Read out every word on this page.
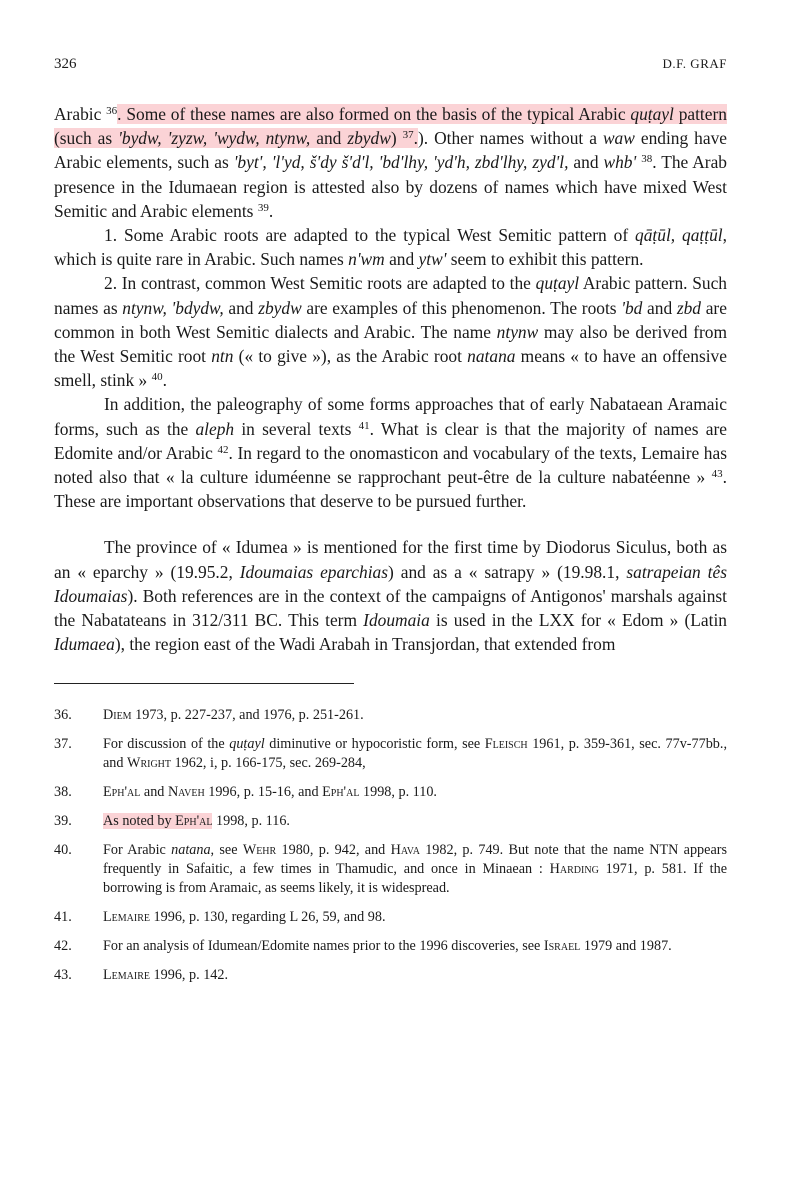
326	D.F. GRAF

Arabic $^{36}$. Some of these names are also formed on the basis of the typical Arabic quṭayl pattern (such as 'bydw, 'zyzw, 'wydw, ntynw, and zbydw) $^{37}$.). Other names without a waw ending have Arabic elements, such as 'byt', 'l'yd, š'dy š'd'l, 'bd'lhy, 'yd'h, zbd'lhy, zyd'l, and whb' $^{38}$. The Arab presence in the Idumaean region is attested also by dozens of names which have mixed West Semitic and Arabic elements $^{39}$.

1. Some Arabic roots are adapted to the typical West Semitic pattern of qāṭūl, qaṭṭūl, which is quite rare in Arabic. Such names n'wm and ytw' seem to exhibit this pattern.

2. In contrast, common West Semitic roots are adapted to the quṭayl Arabic pattern. Such names as ntynw, 'bdydw, and zbydw are examples of this phenomenon. The roots 'bd and zbd are common in both West Semitic dialects and Arabic. The name ntynw may also be derived from the West Semitic root ntn (« to give »), as the Arabic root natana means « to have an offensive smell, stink » $^{40}$.

In addition, the paleography of some forms approaches that of early Nabataean Aramaic forms, such as the aleph in several texts $^{41}$. What is clear is that the majority of names are Edomite and/or Arabic $^{42}$. In regard to the onomasticon and vocabulary of the texts, Lemaire has noted also that « la culture iduméenne se rapprochant peut-être de la culture nabatéenne » $^{43}$. These are important observations that deserve to be pursued further.

The province of « Idumea » is mentioned for the first time by Diodorus Siculus, both as an « eparchy » (19.95.2, Idoumaias eparchias) and as a « satrapy » (19.98.1, satrapeian tês Idoumaias). Both references are in the context of the campaigns of Antigonos' marshals against the Nabatateans in 312/311 BC. This term Idoumaia is used in the LXX for « Edom » (Latin Idumaea), the region east of the Wadi Arabah in Transjordan, that extended from

36.	Diem 1973, p. 227-237, and 1976, p. 251-261.
37.	For discussion of the quṭayl diminutive or hypocoristic form, see Fleisch 1961, p. 359-361, sec. 77v-77bb., and Wright 1962, i, p. 166-175, sec. 269-284,
38.	Eph'al and Naveh 1996, p. 15-16, and Eph'al 1998, p. 110.
39.	As noted by Eph'al 1998, p. 116.
40.	For Arabic natana, see Wehr 1980, p. 942, and Hava 1982, p. 749. But note that the name NTN appears frequently in Safaitic, a few times in Thamudic, and once in Minaean : Harding 1971, p. 581. If the borrowing is from Aramaic, as seems likely, it is widespread.
41.	Lemaire 1996, p. 130, regarding L 26, 59, and 98.
42.	For an analysis of Idumean/Edomite names prior to the 1996 discoveries, see Israel 1979 and 1987.
43.	Lemaire 1996, p. 142.
